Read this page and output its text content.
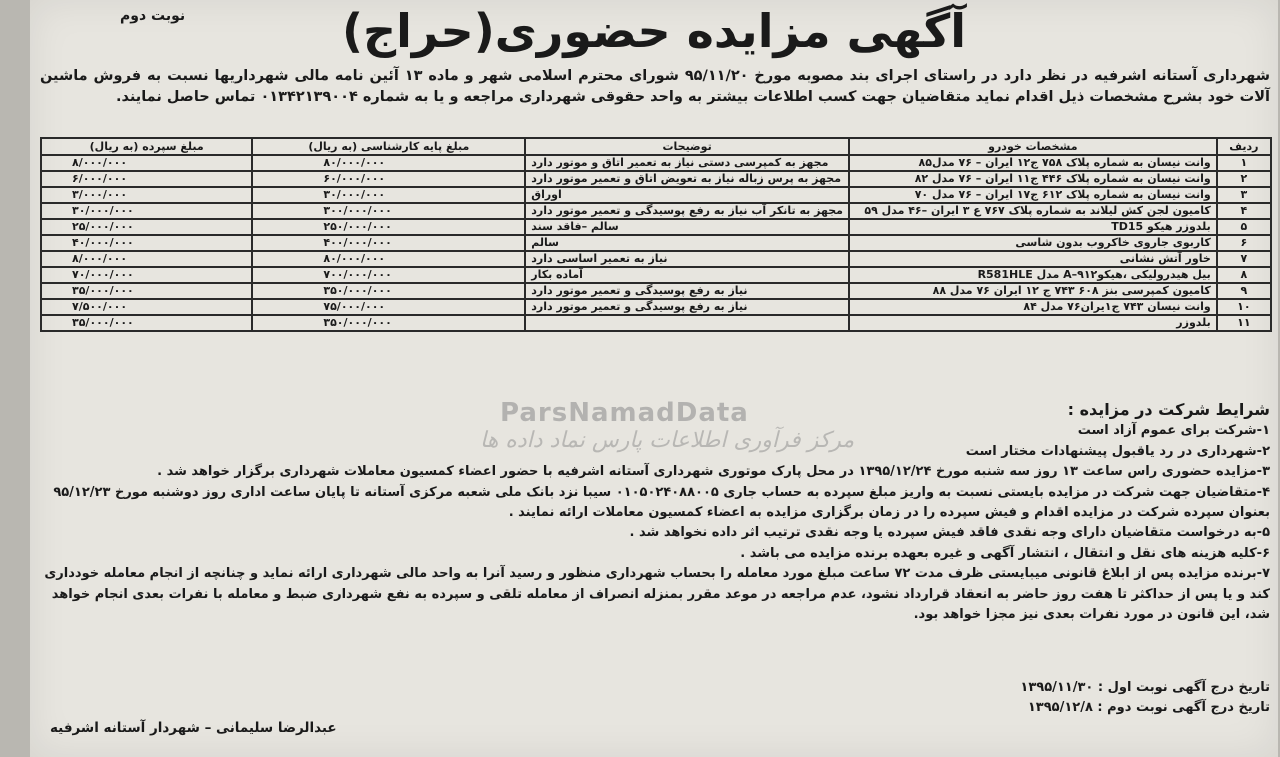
نوبت دوم	آگهی مزایده حضوری(حراج)
شهرداری آستانه اشرفیه در نظر دارد در راستای اجرای بند مصوبه مورخ ۹۵/۱۱/۲۰ شورای محترم اسلامی شهر و ماده ۱۳ آئین نامه مالی شهرداریها نسبت به فروش ماشین آلات خود بشرح مشخصات ذیل اقدام نماید متقاضیان جهت کسب اطلاعات بیشتر به واحد حقوقی شهرداری مراجعه و یا به شماره ۰۱۳۴۲۱۳۹۰۰۴ تماس حاصل نمایند.
ردیف	مشخصات خودرو	توضیحات	مبلغ پایه کارشناسی (به ریال)	مبلغ سپرده (به ریال)
۱	وانت نیسان به شماره پلاک ۷۵۸ ج۱۲ ایران – ۷۶ مدل۸۵	مجهز به کمپرسی دستی نیاز به تعمیر اتاق و موتور دارد	۸۰/۰۰۰/۰۰۰	۸/۰۰۰/۰۰۰
۲	وانت نیسان به شماره پلاک ۴۴۶ ج۱۱ ایران – ۷۶ مدل ۸۲	مجهز به پرس زباله نیاز به تعویض اتاق و تعمیر موتور دارد	۶۰/۰۰۰/۰۰۰	۶/۰۰۰/۰۰۰
۳	وانت نیسان به شماره پلاک ۶۱۲ ج۱۷ ایران – ۷۶ مدل ۷۰	اوراق	۳۰/۰۰۰/۰۰۰	۳/۰۰۰/۰۰۰
۴	کامیون لجن کش لیلاند به شماره پلاک ۷۶۷ ع ۳ ایران –۴۶ مدل ۵۹	مجهز به تانکر آب نیاز به رفع پوسیدگی و تعمیر موتور دارد	۳۰۰/۰۰۰/۰۰۰	۳۰/۰۰۰/۰۰۰
۵	بلدوزر هیکو TD15	سالم –فاقد سند	۲۵۰/۰۰۰/۰۰۰	۲۵/۰۰۰/۰۰۰
۶	کاربوی جاروی خاکروب بدون شاسی	سالم	۴۰۰/۰۰۰/۰۰۰	۴۰/۰۰۰/۰۰۰
۷	خاور آتش نشانی	نیاز به تعمیر اساسی دارد	۸۰/۰۰۰/۰۰۰	۸/۰۰۰/۰۰۰
۸	بیل هیدرولیکی ،هیکو۹۱۲–A مدل R581HLE	آماده بکار	۷۰۰/۰۰۰/۰۰۰	۷۰/۰۰۰/۰۰۰
۹	کامیون کمپرسی بنز ۶۰۸ ۷۴۳ ج ۱۲ ایران ۷۶ مدل ۸۸	نیاز به رفع پوسیدگی و تعمیر موتور دارد	۳۵۰/۰۰۰/۰۰۰	۳۵/۰۰۰/۰۰۰
۱۰	وانت نیسان ۷۴۳ ج۱یران۷۶ مدل ۸۴	نیاز به رفع پوسیدگی و تعمیر موتور دارد	۷۵/۰۰۰/۰۰۰	۷/۵۰۰/۰۰۰
۱۱	بلدوزر		۳۵۰/۰۰۰/۰۰۰	۳۵/۰۰۰/۰۰۰
ParsNamadData
مرکز فرآوری اطلاعات پارس نماد داده ها
شرایط شرکت در مزایده :
۱-شرکت برای عموم آزاد است
۲-شهرداری در رد یاقبول پیشنهادات مختار است
۳-مزایده حضوری راس ساعت ۱۳ روز سه شنبه مورخ ۱۳۹۵/۱۲/۲۴ در محل پارک موتوری شهرداری آستانه اشرفیه با حضور اعضاء کمسیون معاملات شهرداری برگزار خواهد شد .
۴-متقاضیان جهت شرکت در مزایده بایستی نسبت به واریز مبلغ سپرده به حساب جاری ۰۱۰۵۰۲۴۰۸۸۰۰۵ سیبا نزد بانک ملی شعبه مرکزی آستانه تا پایان ساعت اداری روز دوشنبه مورخ ۹۵/۱۲/۲۳ بعنوان سپرده شرکت در مزایده اقدام و فیش سپرده را در زمان برگزاری مزایده به اعضاء کمسیون معاملات ارائه نمایند .
۵-به درخواست متقاضیان دارای وجه نقدی فاقد فیش سپرده یا وجه نقدی ترتیب اثر داده نخواهد شد .
۶-کلیه هزینه های نقل و انتقال ، انتشار آگهی و غیره بعهده برنده مزایده می باشد .
۷-برنده مزایده پس از ابلاغ قانونی میبایستی ظرف مدت ۷۲ ساعت مبلغ مورد معامله را بحساب شهرداری منظور و رسید آنرا به واحد مالی شهرداری ارائه نماید و چنانچه از انجام معامله خودداری کند و یا پس از حداکثر تا هفت روز حاضر به انعقاد قرارداد نشود، عدم مراجعه در موعد مقرر بمنزله انصراف از معامله تلقی و سپرده به نفع شهرداری ضبط و معامله با نفرات بعدی انجام خواهد شد، این قانون در مورد نفرات بعدی نیز مجزا خواهد بود.
تاریخ درج آگهی نوبت اول : ۱۳۹۵/۱۱/۳۰
تاریخ درج آگهی نوبت دوم : ۱۳۹۵/۱۲/۸
عبدالرضا سلیمانی – شهردار آستانه اشرفیه
